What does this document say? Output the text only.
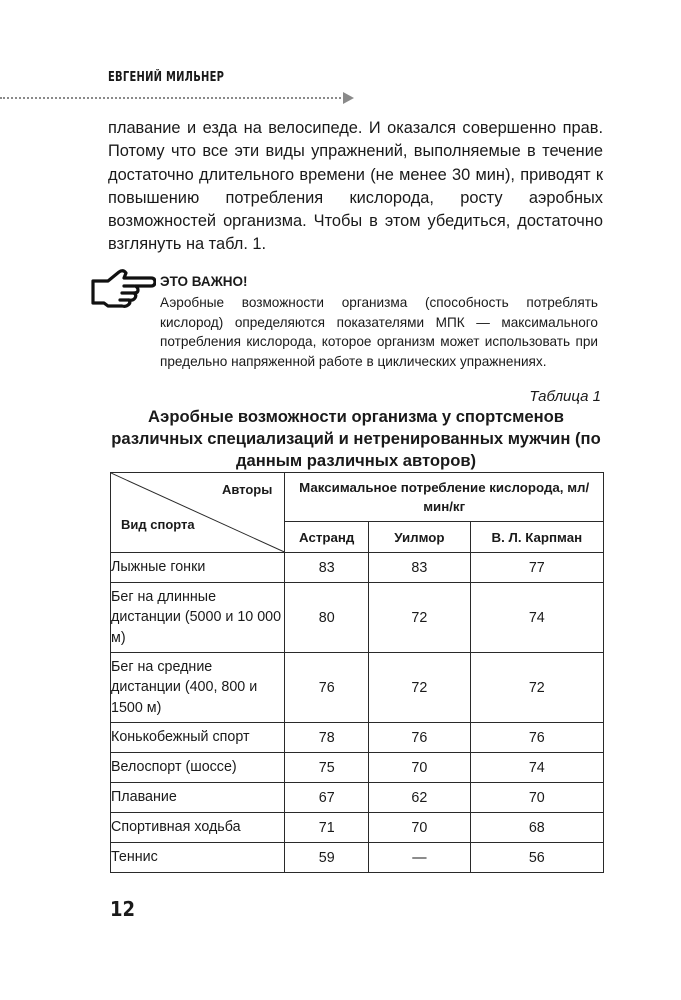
ЕВГЕНИЙ МИЛЬНЕР

плавание и езда на велосипеде. И оказался совершенно прав. Потому что все эти виды упражнений, выполняемые в течение достаточно длительного времени (не менее 30 мин), приводят к повышению потребления кислорода, росту аэробных возможностей организма. Чтобы в этом убедиться, достаточно взглянуть на табл. 1.

ЭТО ВАЖНО!

Аэробные возможности организма (способность потреблять кислород) определяются показателями МПК — максимального потребления кислорода, которое организм может использовать при предельно напряженной работе в циклических упражнениях.

Таблица 1

Аэробные возможности организма у спортсменов различных специализаций и нетренированных мужчин (по данным различных авторов)

Авторы
Вид спорта	Максимальное потребление кислорода, мл/мин/кг		
	Астранд	Уилмор	В. Л. Карпман
Лыжные гонки	83	83	77
Бег на длинные дистанции (5000 и 10 000 м)	80	72	74
Бег на средние дистанции (400, 800 и 1500 м)	76	72	72
Конькобежный спорт	78	76	76
Велоспорт (шоссе)	75	70	74
Плавание	67	62	70
Спортивная ходьба	71	70	68
Теннис	59	—	56
12
